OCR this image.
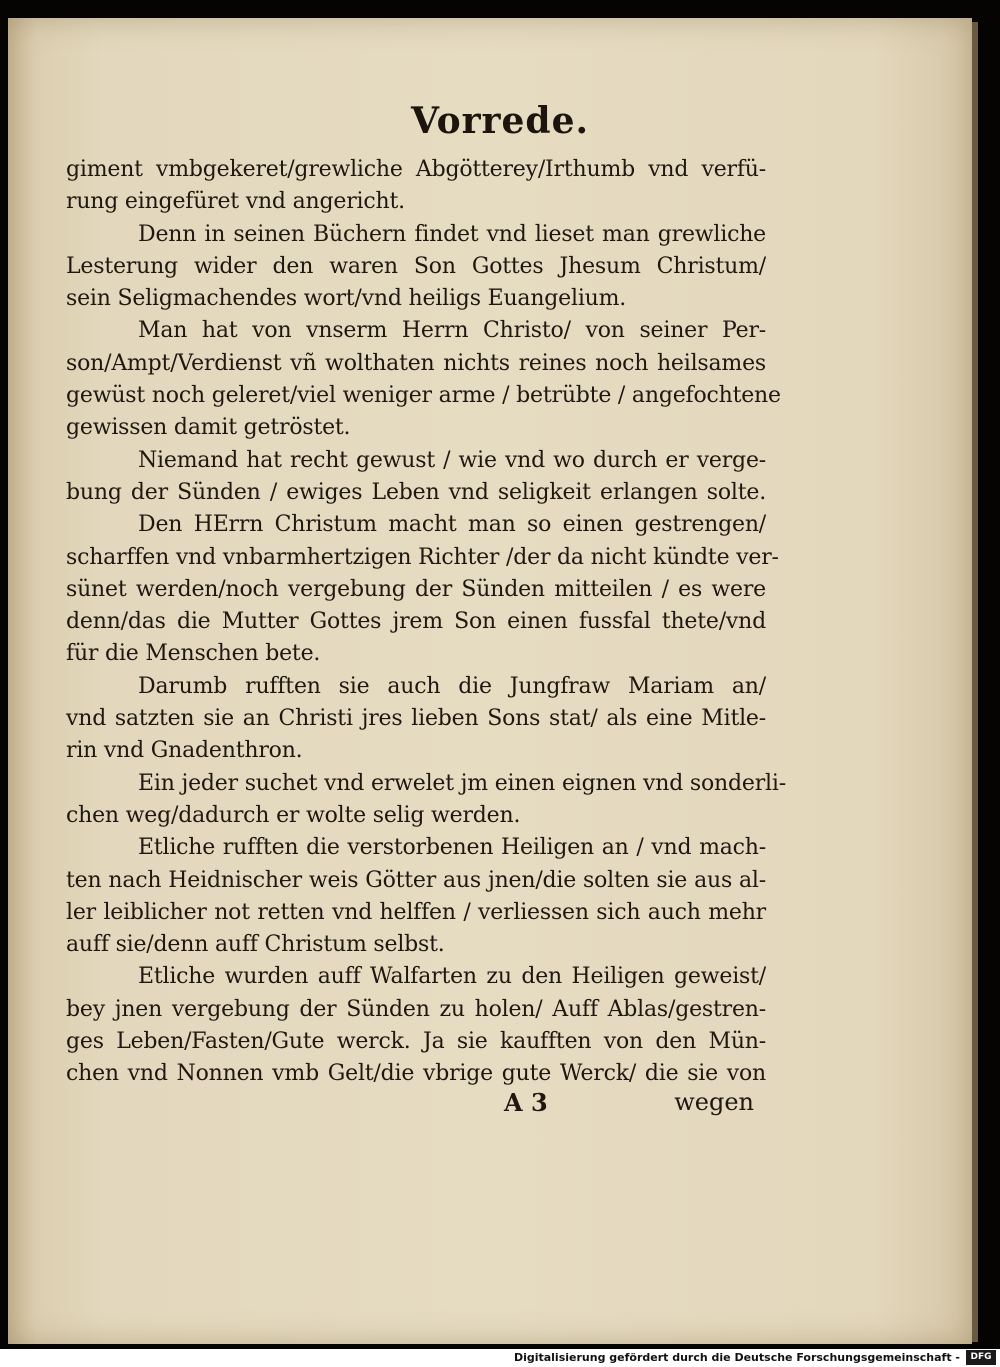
Vorrede.
giment vmbgekeret/grewliche Abgötterey/Irthumb vnd verfü-
rung eingefüret vnd angericht.
Denn in seinen Büchern findet vnd lieset man grewliche
Lesterung wider den waren Son Gottes Jhesum Christum/
sein Seligmachendes wort/vnd heiligs Euangelium.
Man hat von vnserm Herrn Christo/ von seiner Per-
son/Ampt/Verdienst vñ wolthaten nichts reines noch heilsames
gewüst noch geleret/viel weniger arme / betrübte / angefochtene
gewissen damit getröstet.
Niemand hat recht gewust / wie vnd wo durch er verge-
bung der Sünden / ewiges Leben vnd seligkeit erlangen solte.
Den HErrn Christum macht man so einen gestrengen/
scharffen vnd vnbarmhertzigen Richter /der da nicht kündte ver-
sünet werden/noch vergebung der Sünden mitteilen / es were
denn/das die Mutter Gottes jrem Son einen fussfal thete/vnd
für die Menschen bete.
Darumb rufften sie auch die Jungfraw Mariam an/
vnd satzten sie an Christi jres lieben Sons stat/ als eine Mitle-
rin vnd Gnadenthron.
Ein jeder suchet vnd erwelet jm einen eignen vnd sonderli-
chen weg/dadurch er wolte selig werden.
Etliche rufften die verstorbenen Heiligen an / vnd mach-
ten nach Heidnischer weis Götter aus jnen/die solten sie aus al-
ler leiblicher not retten vnd helffen / verliessen sich auch mehr
auff sie/denn auff Christum selbst.
Etliche wurden auff Walfarten zu den Heiligen geweist/
bey jnen vergebung der Sünden zu holen/ Auff Ablas/gestren-
ges Leben/Fasten/Gute werck. Ja sie kaufften von den Mün-
chen vnd Nonnen vmb Gelt/die vbrige gute Werck/ die sie von
A 3	wegen
Digitalisierung gefördert durch die Deutsche Forschungsgemeinschaft -	DFG
